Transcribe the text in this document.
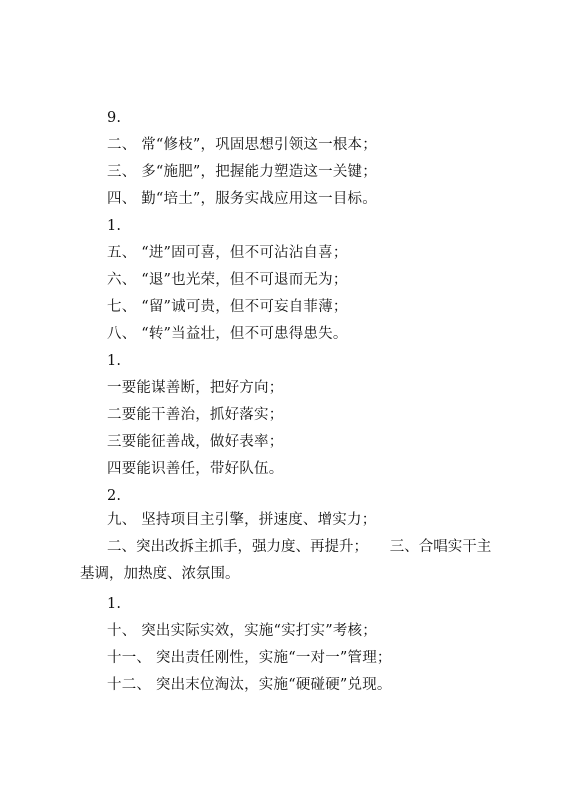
9.
二、 常“修枝”，巩固思想引领这一根本；
三、 多“施肥”，把握能力塑造这一关键；
四、 勤“培土”，服务实战应用这一目标。
1.
五、 “进”固可喜，但不可沾沾自喜；
六、 “退”也光荣，但不可退而无为；
七、 “留”诚可贵，但不可妄自菲薄；
八、 “转”当益壮，但不可患得患失。
1.
一要能谋善断，把好方向；
二要能干善治，抓好落实；
三要能征善战，做好表率；
四要能识善任，带好队伍。
2.
九、 坚持项目主引擎，拼速度、增实力；
二、突出改拆主抓手，强力度、再提升；　　三、合唱实干主
基调，加热度、浓氛围。
1.
十、 突出实际实效，实施“实打实”考核；
十一、 突出责任刚性，实施“一对一”管理；
十二、 突出末位淘汰，实施“硬碰硬”兑现。
